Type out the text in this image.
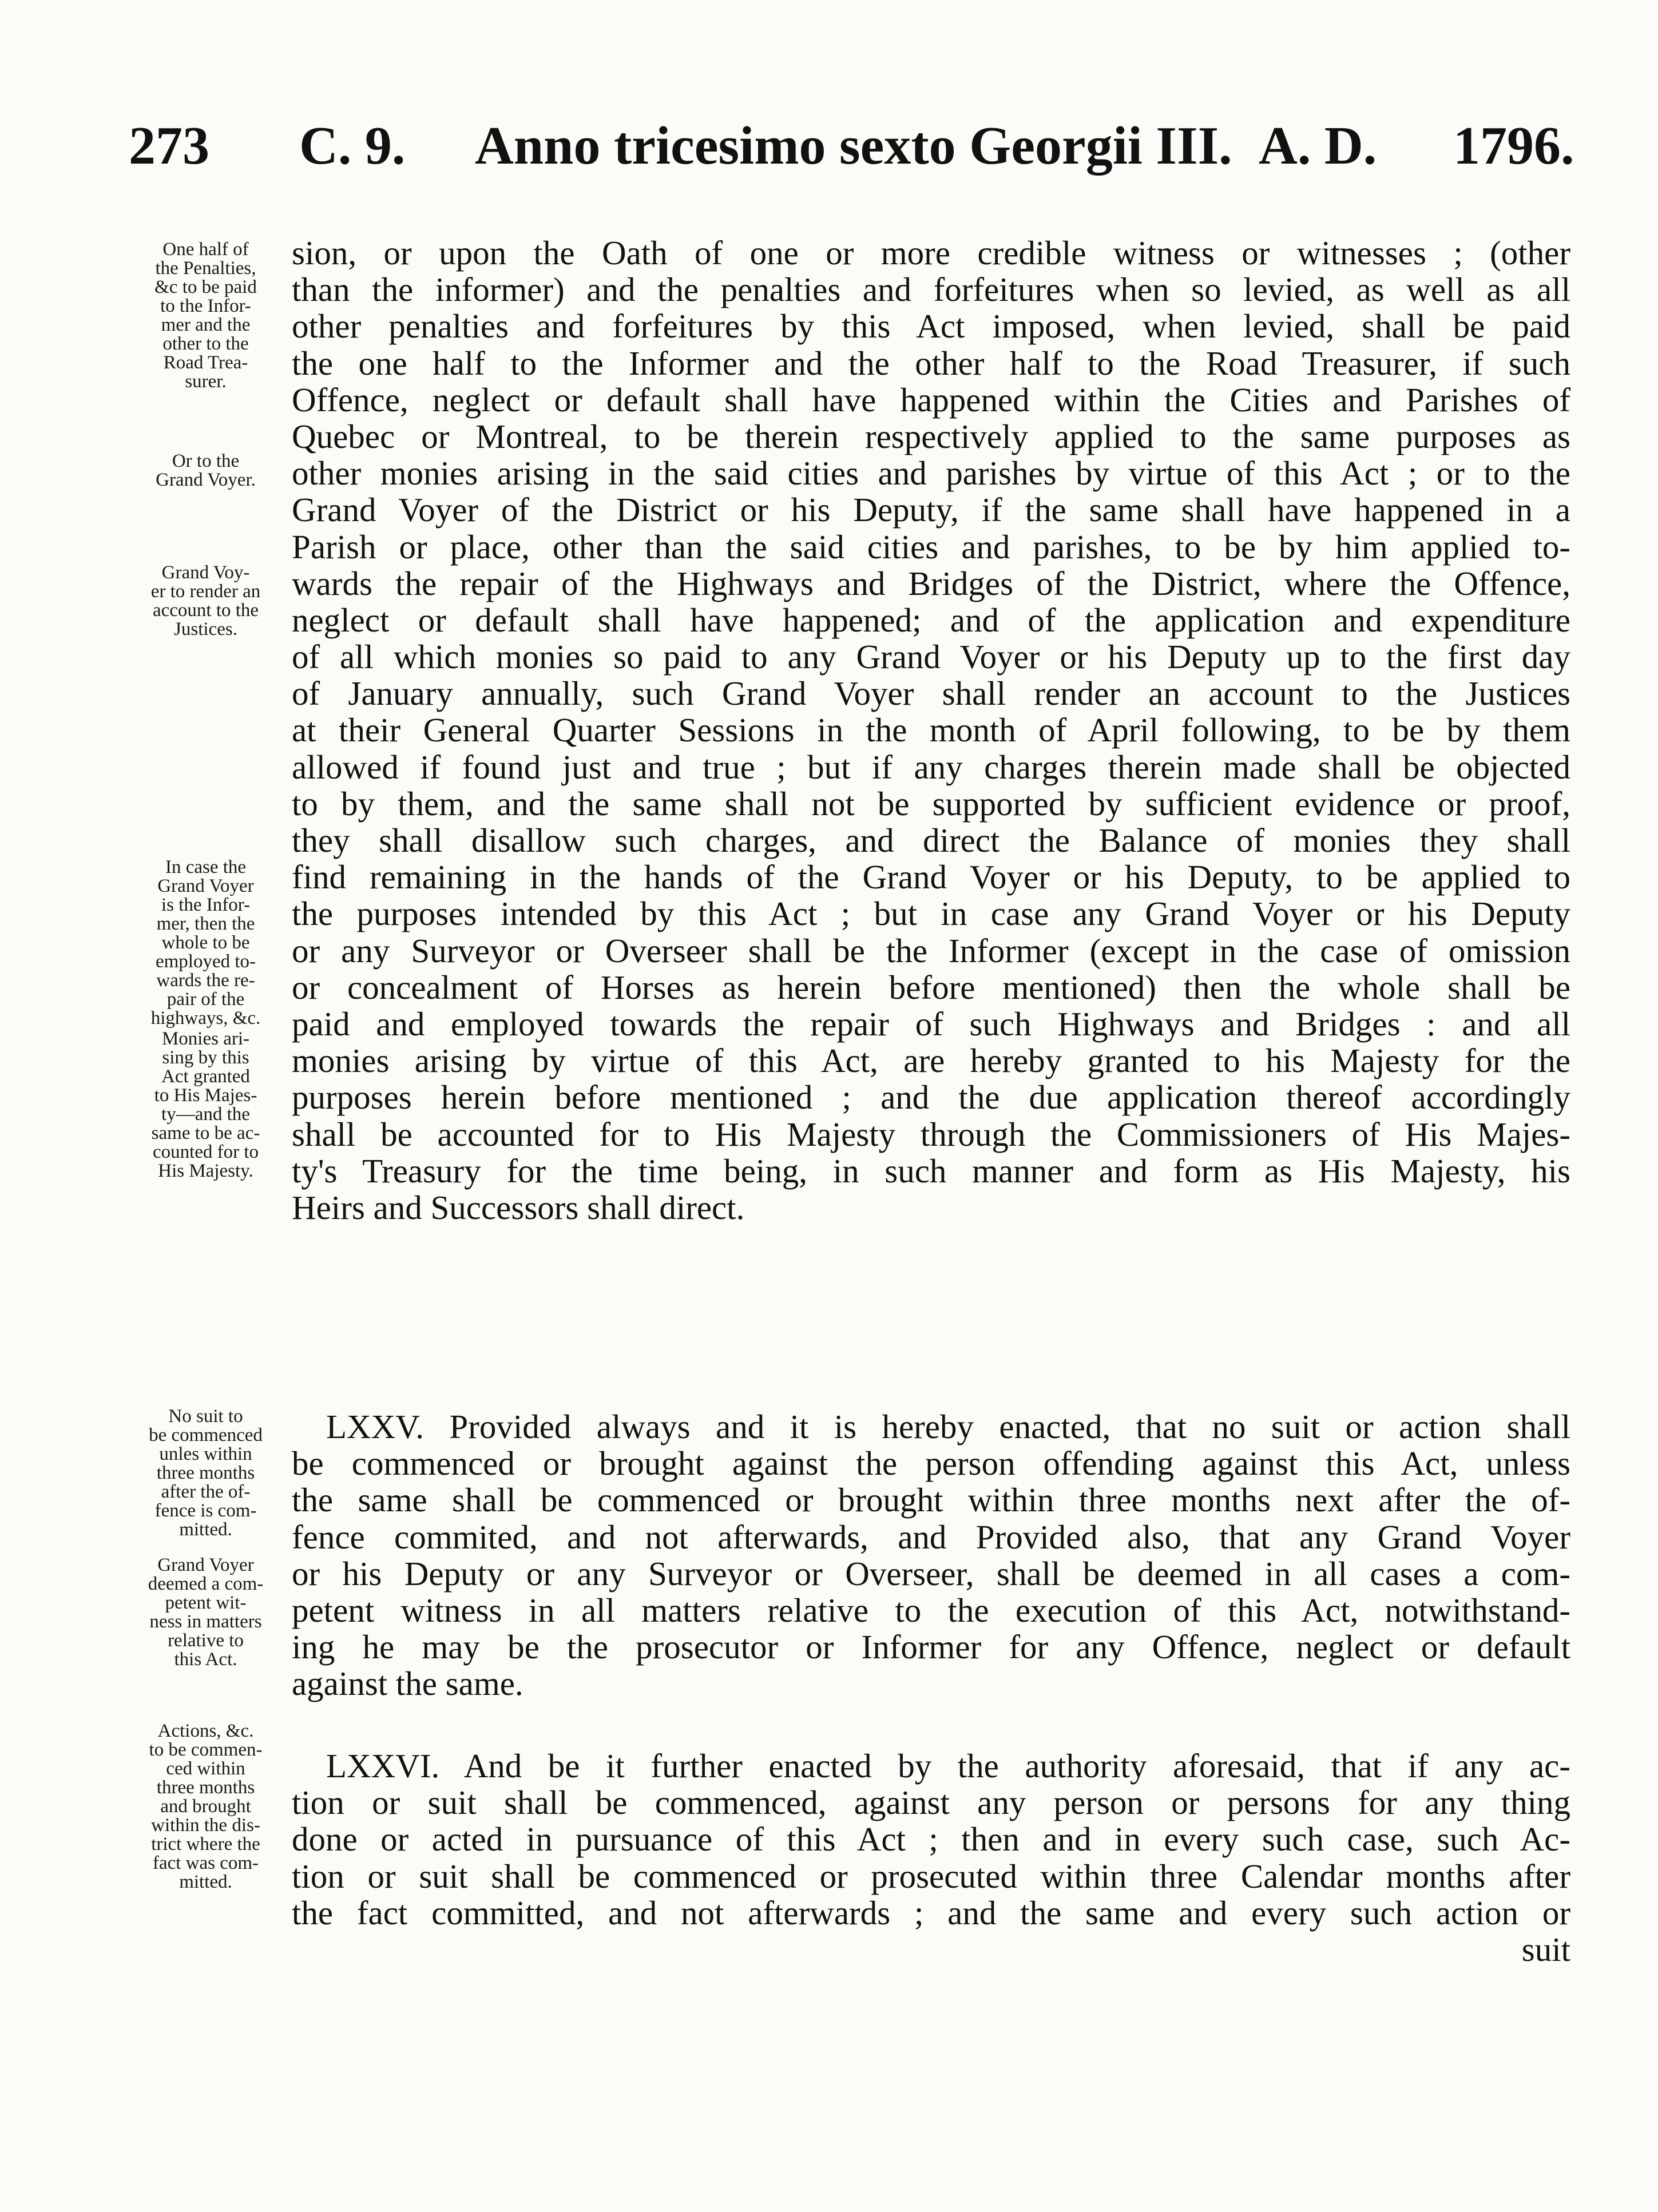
273 C. 9. Anno tricesimo sexto Georgii III. A. D. 1796.
One half of
the Penalties,
&c to be paid
to the Infor-
mer and the
other to the
Road Trea-
surer.
Or to the
Grand Voyer.
Grand Voy-
er to render an
account to the
Justices.
In case the
Grand Voyer
is the Infor-
mer, then the
whole to be
employed to-
wards the re-
pair of the
highways, &c.
Monies ari-
sing by this
Act granted
to His Majes-
ty—and the
same to be ac-
counted for to
His Majesty.
No suit to
be commenced
unles within
three months
after the of-
fence is com-
mitted.
Grand Voyer
deemed a com-
petent wit-
ness in matters
relative to
this Act.
Actions, &c.
to be commen-
ced within
three months
and brought
within the dis-
trict where the
fact was com-
mitted.
sion, or upon the Oath of one or more credible witness or witnesses ; (other
than the informer) and the penalties and forfeitures when so levied, as well as all
other penalties and forfeitures by this Act imposed, when levied, shall be paid
the one half to the Informer and the other half to the Road Treasurer, if such
Offence, neglect or default shall have happened within the Cities and Parishes of
Quebec or Montreal, to be therein respectively applied to the same purposes as
other monies arising in the said cities and parishes by virtue of this Act ; or to the
Grand Voyer of the District or his Deputy, if the same shall have happened in a
Parish or place, other than the said cities and parishes, to be by him applied to-
wards the repair of the Highways and Bridges of the District, where the Offence,
neglect or default shall have happened; and of the application and expenditure
of all which monies so paid to any Grand Voyer or his Deputy up to the first day
of January annually, such Grand Voyer shall render an account to the Justices
at their General Quarter Sessions in the month of April following, to be by them
allowed if found just and true ; but if any charges therein made shall be objected
to by them, and the same shall not be supported by sufficient evidence or proof,
they shall disallow such charges, and direct the Balance of monies they shall
find remaining in the hands of the Grand Voyer or his Deputy, to be applied to
the purposes intended by this Act ; but in case any Grand Voyer or his Deputy
or any Surveyor or Overseer shall be the Informer (except in the case of omission
or concealment of Horses as herein before mentioned) then the whole shall be
paid and employed towards the repair of such Highways and Bridges : and all
monies arising by virtue of this Act, are hereby granted to his Majesty for the
purposes herein before mentioned ; and the due application thereof accordingly
shall be accounted for to His Majesty through the Commissioners of His Majes-
ty's Treasury for the time being, in such manner and form as His Majesty, his
Heirs and Successors shall direct.
LXXV. Provided always and it is hereby enacted, that no suit or action shall
be commenced or brought against the person offending against this Act, unless
the same shall be commenced or brought within three months next after the of-
fence commited, and not afterwards, and Provided also, that any Grand Voyer
or his Deputy or any Surveyor or Overseer, shall be deemed in all cases a com-
petent witness in all matters relative to the execution of this Act, notwithstand-
ing he may be the prosecutor or Informer for any Offence, neglect or default
against the same.
LXXVI. And be it further enacted by the authority aforesaid, that if any ac-
tion or suit shall be commenced, against any person or persons for any thing
done or acted in pursuance of this Act ; then and in every such case, such Ac-
tion or suit shall be commenced or prosecuted within three Calendar months after
the fact committed, and not afterwards ; and the same and every such action or
suit
